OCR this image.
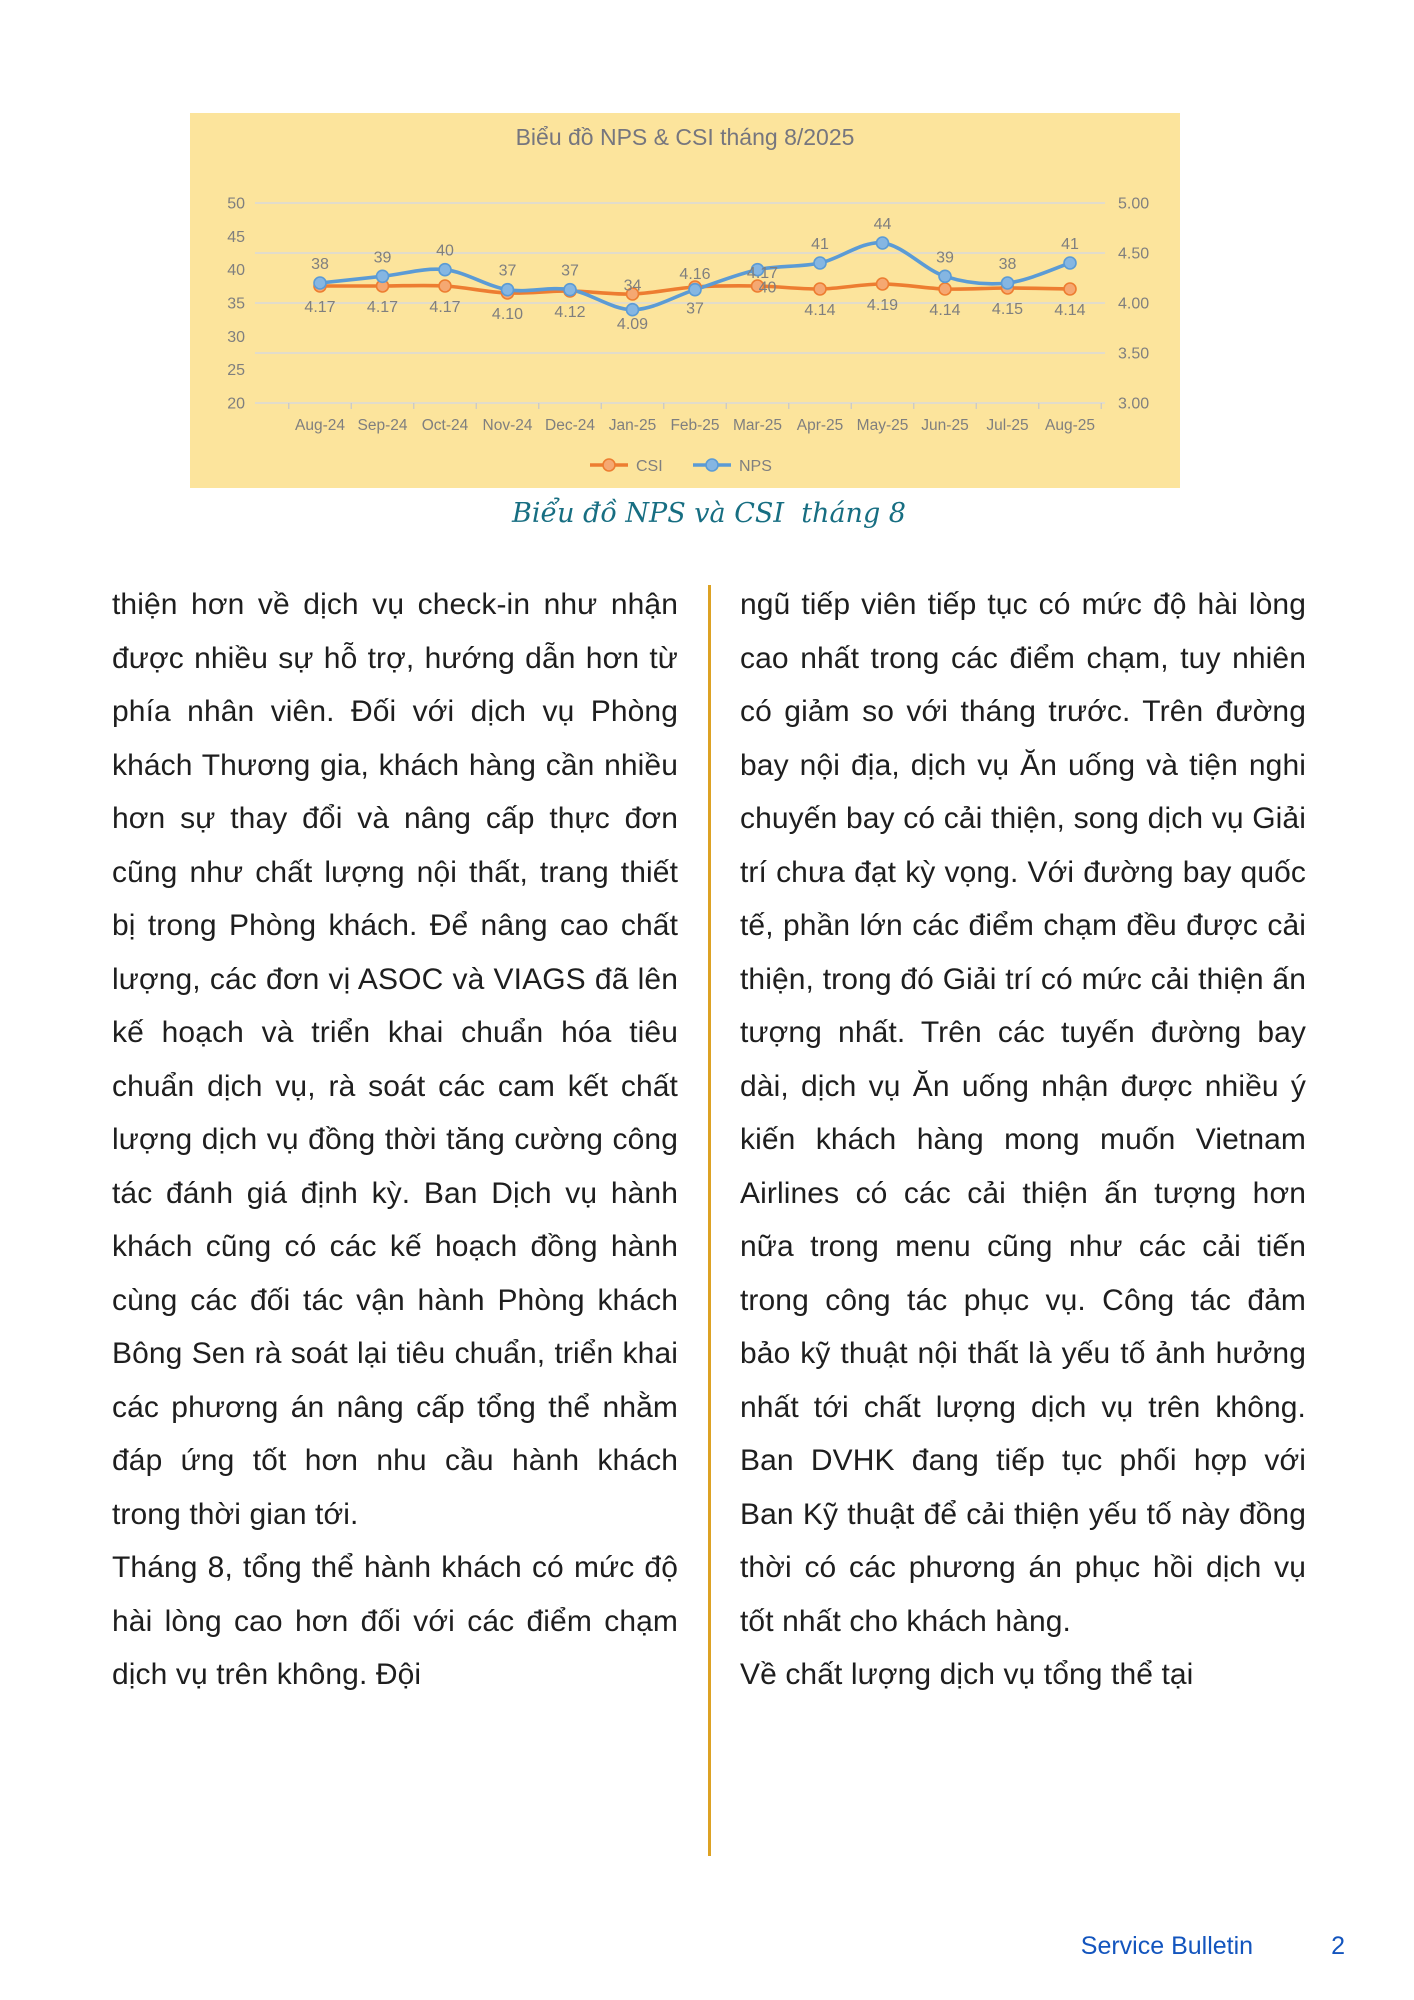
Biểu đồ NPS & CSI tháng 8/2025
50
45
40
35
30
25
20
5.00
4.50
4.00
3.50
3.00
Aug-24 Sep-24 Oct-24 Nov-24 Dec-24 Jan-25 Feb-25 Mar-25 Apr-25 May-25 Jun-25 Jul-25 Aug-25
4.17 4.17 4.17 4.10 4.12
4.09
4.16 4.17
4.14 4.19 4.14 4.15 4.14
38	39	40
37	37
34
37
40
41
44
39	38
41
CSI	NPS
Biểu đồ NPS và CSI  tháng 8

thiện hơn về dịch vụ check-in như nhận được nhiều sự hỗ trợ, hướng dẫn hơn từ phía nhân viên. Đối với dịch vụ Phòng khách Thương gia, khách hàng cần nhiều hơn sự thay đổi và nâng cấp thực đơn cũng như chất lượng nội thất, trang thiết bị trong Phòng khách. Để nâng cao chất lượng, các đơn vị ASOC và VIAGS đã lên kế hoạch và triển khai chuẩn hóa tiêu chuẩn dịch vụ, rà soát các cam kết chất lượng dịch vụ đồng thời tăng cường công tác đánh giá định kỳ. Ban Dịch vụ hành khách cũng có các kế hoạch đồng hành cùng các đối tác vận hành Phòng khách Bông Sen rà soát lại tiêu chuẩn, triển khai các phương án nâng cấp tổng thể nhằm đáp ứng tốt hơn nhu cầu hành khách trong thời gian tới.

Tháng 8, tổng thể hành khách có mức độ hài lòng cao hơn đối với các điểm chạm dịch vụ trên không. Đội

ngũ tiếp viên tiếp tục có mức độ hài lòng cao nhất trong các điểm chạm, tuy nhiên có giảm so với tháng trước. Trên đường bay nội địa, dịch vụ Ăn uống và tiện nghi chuyến bay có cải thiện, song dịch vụ Giải trí chưa đạt kỳ vọng. Với đường bay quốc tế, phần lớn các điểm chạm đều được cải thiện, trong đó Giải trí có mức cải thiện ấn tượng nhất. Trên các tuyến đường bay dài, dịch vụ Ăn uống nhận được nhiều ý kiến khách hàng mong muốn Vietnam Airlines có các cải thiện ấn tượng hơn nữa trong menu cũng như các cải tiến trong công tác phục vụ. Công tác đảm bảo kỹ thuật nội thất là yếu tố ảnh hưởng nhất tới chất lượng dịch vụ trên không. Ban DVHK đang tiếp tục phối hợp với Ban Kỹ thuật để cải thiện yếu tố này đồng thời có các phương án phục hồi dịch vụ tốt nhất cho khách hàng.

Về chất lượng dịch vụ tổng thể tại

Service Bulletin	2
